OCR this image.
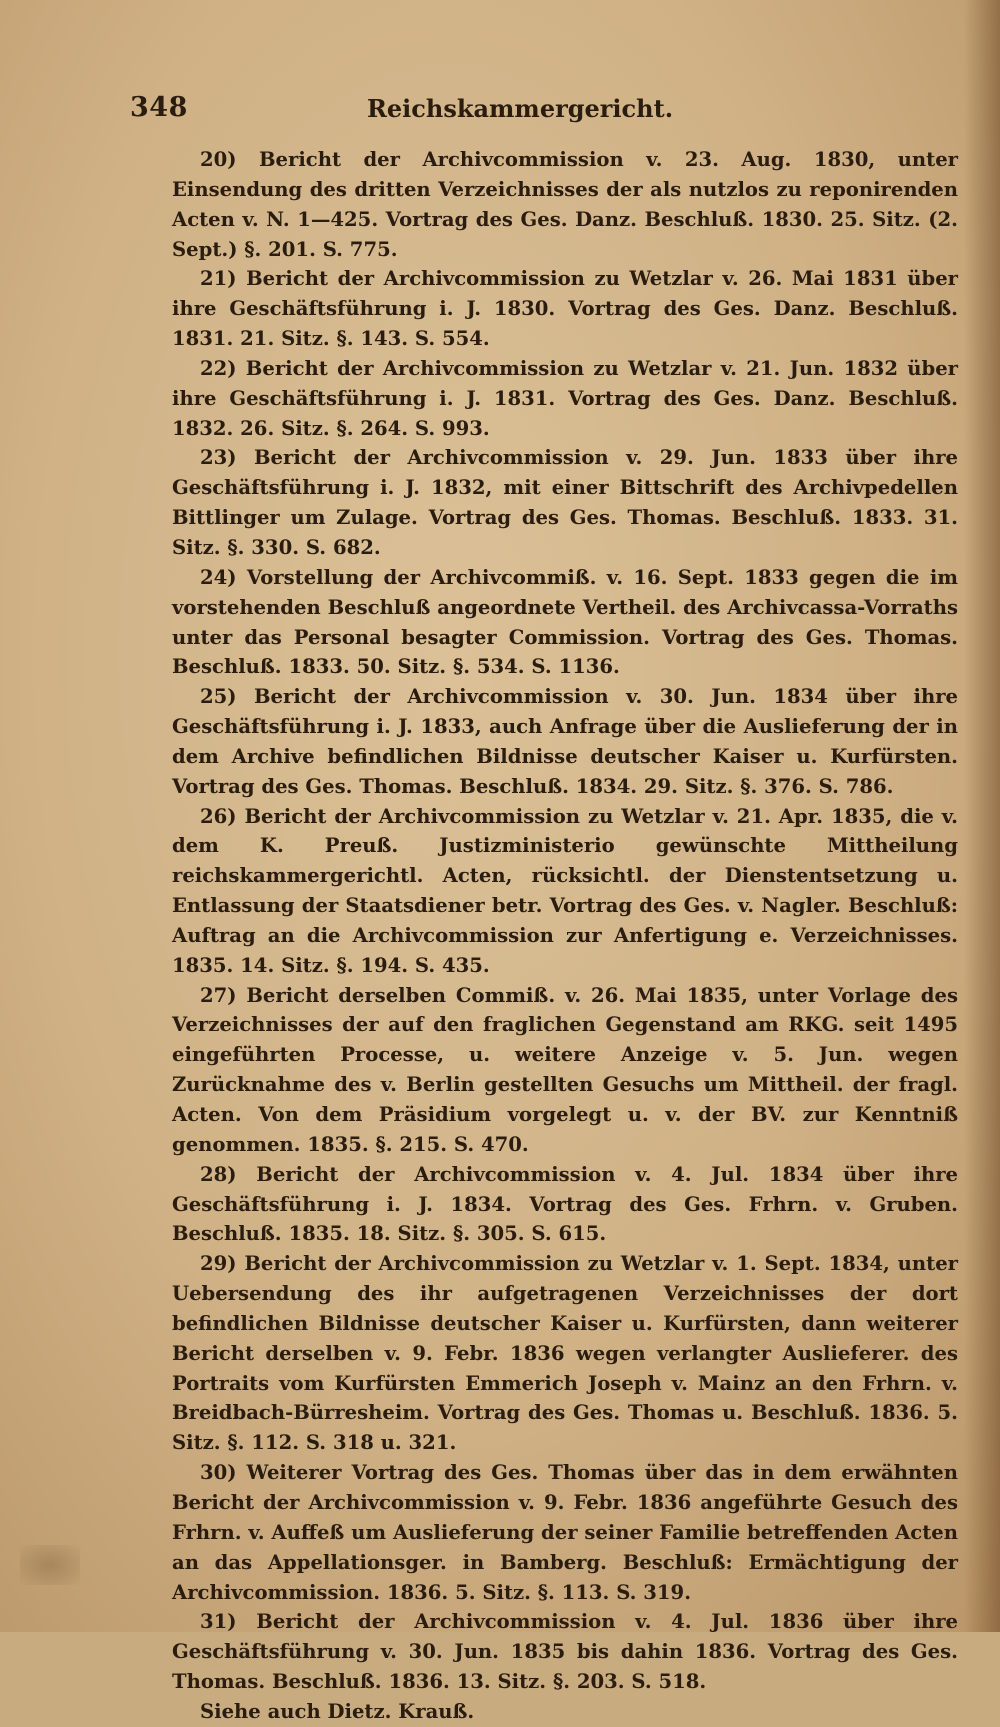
348	Reichskammergericht.

20) Bericht der Archivcommission v. 23. Aug. 1830, unter Einsendung des dritten Verzeichnisses der als nutzlos zu reponirenden Acten v. N. 1—425. Vortrag des Ges. Danz. Beschluß. 1830. 25. Sitz. (2. Sept.) §. 201. S. 775.

21) Bericht der Archivcommission zu Wetzlar v. 26. Mai 1831 über ihre Geschäftsführung i. J. 1830. Vortrag des Ges. Danz. Beschluß. 1831. 21. Sitz. §. 143. S. 554.

22) Bericht der Archivcommission zu Wetzlar v. 21. Jun. 1832 über ihre Geschäftsführung i. J. 1831. Vortrag des Ges. Danz. Beschluß. 1832. 26. Sitz. §. 264. S. 993.

23) Bericht der Archivcommission v. 29. Jun. 1833 über ihre Geschäftsführung i. J. 1832, mit einer Bittschrift des Archivpedellen Bittlinger um Zulage. Vortrag des Ges. Thomas. Beschluß. 1833. 31. Sitz. §. 330. S. 682.

24) Vorstellung der Archivcommiß. v. 16. Sept. 1833 gegen die im vorstehenden Beschluß angeordnete Vertheil. des Archivcassa-Vorraths unter das Personal besagter Commission. Vortrag des Ges. Thomas. Beschluß. 1833. 50. Sitz. §. 534. S. 1136.

25) Bericht der Archivcommission v. 30. Jun. 1834 über ihre Geschäftsführung i. J. 1833, auch Anfrage über die Auslieferung der in dem Archive befindlichen Bildnisse deutscher Kaiser u. Kurfürsten. Vortrag des Ges. Thomas. Beschluß. 1834. 29. Sitz. §. 376. S. 786.

26) Bericht der Archivcommission zu Wetzlar v. 21. Apr. 1835, die v. dem K. Preuß. Justizministerio gewünschte Mittheilung reichskammergerichtl. Acten, rücksichtl. der Dienstentsetzung u. Entlassung der Staatsdiener betr. Vortrag des Ges. v. Nagler. Beschluß: Auftrag an die Archivcommission zur Anfertigung e. Verzeichnisses. 1835. 14. Sitz. §. 194. S. 435.

27) Bericht derselben Commiß. v. 26. Mai 1835, unter Vorlage des Verzeichnisses der auf den fraglichen Gegenstand am RKG. seit 1495 eingeführten Processe, u. weitere Anzeige v. 5. Jun. wegen Zurücknahme des v. Berlin gestellten Gesuchs um Mittheil. der fragl. Acten. Von dem Präsidium vorgelegt u. v. der BV. zur Kenntniß genommen. 1835. §. 215. S. 470.

28) Bericht der Archivcommission v. 4. Jul. 1834 über ihre Geschäftsführung i. J. 1834. Vortrag des Ges. Frhrn. v. Gruben. Beschluß. 1835. 18. Sitz. §. 305. S. 615.

29) Bericht der Archivcommission zu Wetzlar v. 1. Sept. 1834, unter Uebersendung des ihr aufgetragenen Verzeichnisses der dort befindlichen Bildnisse deutscher Kaiser u. Kurfürsten, dann weiterer Bericht derselben v. 9. Febr. 1836 wegen verlangter Auslieferer. des Portraits vom Kurfürsten Emmerich Joseph v. Mainz an den Frhrn. v. Breidbach-Bürresheim. Vortrag des Ges. Thomas u. Beschluß. 1836. 5. Sitz. §. 112. S. 318 u. 321.

30) Weiterer Vortrag des Ges. Thomas über das in dem erwähnten Bericht der Archivcommission v. 9. Febr. 1836 angeführte Gesuch des Frhrn. v. Auffeß um Auslieferung der seiner Familie betreffenden Acten an das Appellationsger. in Bamberg. Beschluß: Ermächtigung der Archivcommission. 1836. 5. Sitz. §. 113. S. 319.

31) Bericht der Archivcommission v. 4. Jul. 1836 über ihre Geschäftsführung v. 30. Jun. 1835 bis dahin 1836. Vortrag des Ges. Thomas. Beschluß. 1836. 13. Sitz. §. 203. S. 518.

Siehe auch Dietz. Krauß.
